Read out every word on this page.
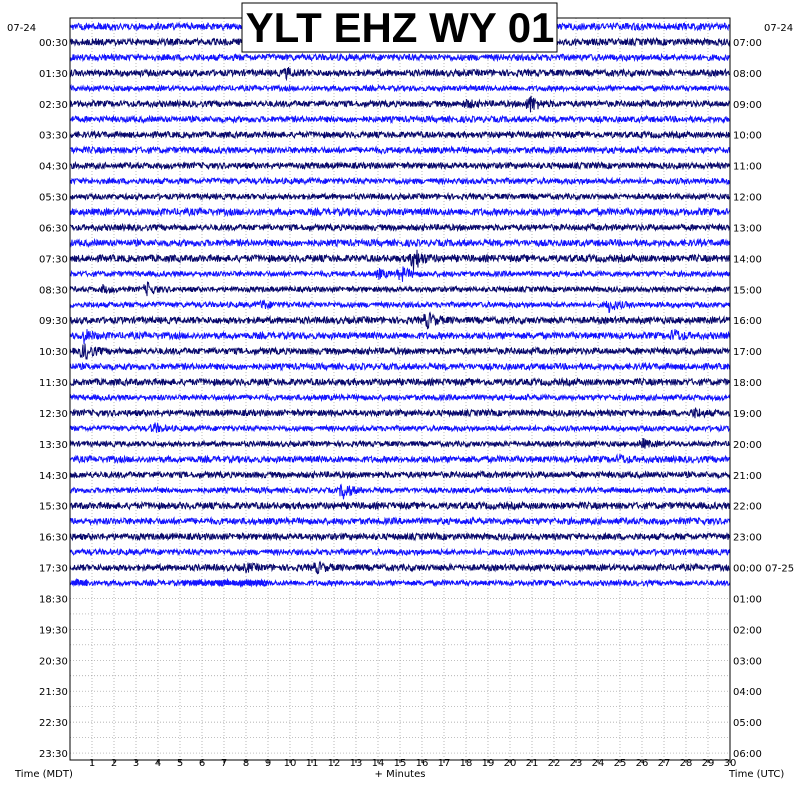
00:30
01:30
02:30
03:30
04:30
05:30
06:30
07:30
08:30
09:30
10:30
11:30
12:30
13:30
14:30
15:30
16:30
17:30
18:30
19:30
20:30
21:30
22:30
23:30
07:00
08:00
09:00
10:00
11:00
12:00
13:00
14:00
15:00
16:00
17:00
18:00
19:00
20:00
21:00
22:00
23:00
00:00 07-25
01:00
02:00
03:00
04:00
05:00
06:00
1 2 3 4 5 6 7 8 9 10 11 12 13 14 15 16 17 18 19 20 21 22 23 24 25 26 27 28 29 30
07-24	07-24
Time (MDT)	+ Minutes	Time (UTC)
YLT EHZ WY 01
